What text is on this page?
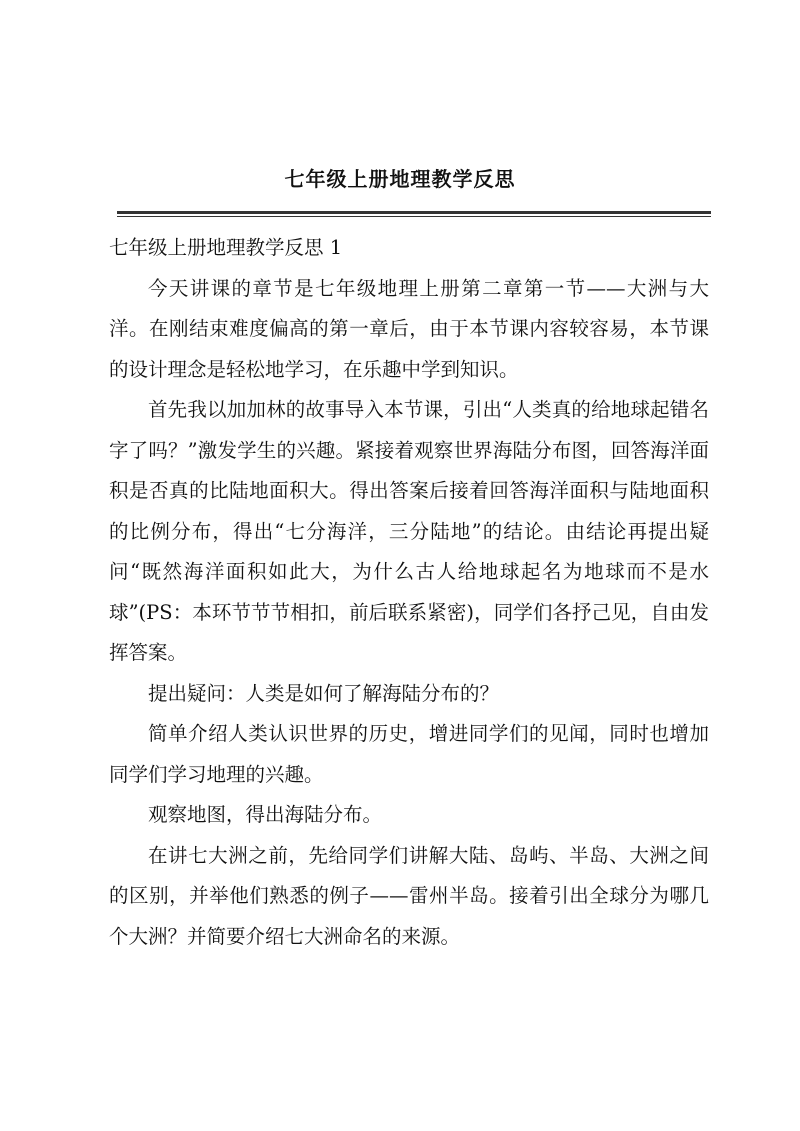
七年级上册地理教学反思

七年级上册地理教学反思 1

今天讲课的章节是七年级地理上册第二章第一节——大洲与大洋。在刚结束难度偏高的第一章后，由于本节课内容较容易，本节课的设计理念是轻松地学习，在乐趣中学到知识。

首先我以加加林的故事导入本节课，引出“人类真的给地球起错名字了吗？”激发学生的兴趣。紧接着观察世界海陆分布图，回答海洋面积是否真的比陆地面积大。得出答案后接着回答海洋面积与陆地面积的比例分布，得出“七分海洋，三分陆地”的结论。由结论再提出疑问“既然海洋面积如此大，为什么古人给地球起名为地球而不是水球”(PS：本环节节节相扣，前后联系紧密)，同学们各抒己见，自由发挥答案。

提出疑问：人类是如何了解海陆分布的？

简单介绍人类认识世界的历史，增进同学们的见闻，同时也增加同学们学习地理的兴趣。

观察地图，得出海陆分布。

在讲七大洲之前，先给同学们讲解大陆、岛屿、半岛、大洲之间的区别，并举他们熟悉的例子——雷州半岛。接着引出全球分为哪几个大洲？并简要介绍七大洲命名的来源。
